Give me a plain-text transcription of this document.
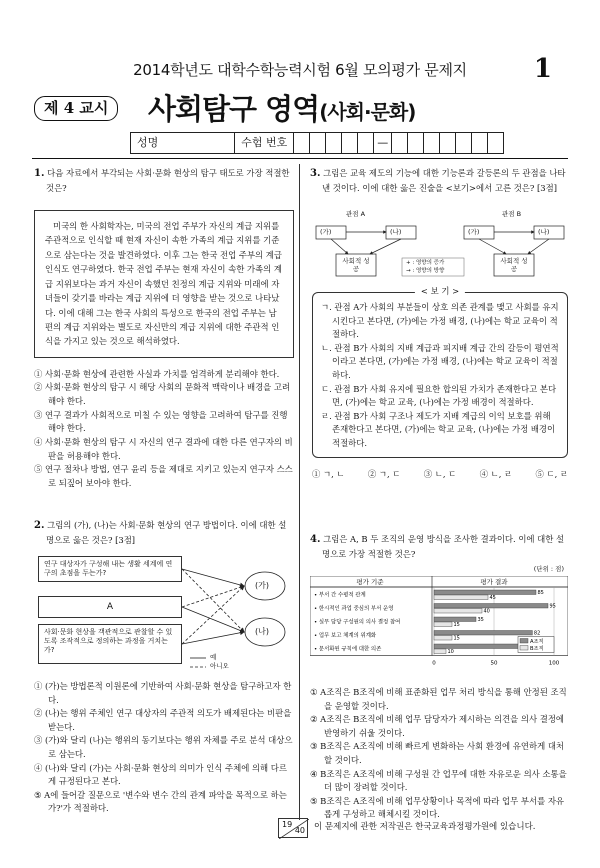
2014학년도 대학수학능력시험 6월 모의평가 문제지	1
제 4 교시	사회탐구 영역(사회·문화)
성명	수험 번호	—
1. 다음 자료에서 부각되는 사회·문화 현상의 탐구 태도로 가장 적절한 것은?
미국의 한 사회학자는, 미국의 전업 주부가 자신의 계급 지위를 주관적으로 인식할 때 현재 자신이 속한 가족의 계급 지위를 기준으로 삼는다는 것을 발견하였다. 이후 그는 한국 전업 주부의 계급 인식도 연구하였다. 한국 전업 주부는 현재 자신이 속한 가족의 계급 지위보다는 과거 자신이 속했던 친정의 계급 지위와 미래에 자녀들이 갖기를 바라는 계급 지위에 더 영향을 받는 것으로 나타났다. 이에 대해 그는 한국 사회의 특성으로 한국의 전업 주부는 남편의 계급 지위와는 별도로 자신만의 계급 지위에 대한 주관적 인식을 가지고 있는 것으로 해석하였다.
① 사회·문화 현상에 관련한 사실과 가치를 엄격하게 분리해야 한다.
② 사회·문화 현상의 탐구 시 해당 사회의 문화적 맥락이나 배경을 고려해야 한다.
③ 연구 결과가 사회적으로 미칠 수 있는 영향을 고려하여 탐구를 진행해야 한다.
④ 사회·문화 현상의 탐구 시 자신의 연구 결과에 대한 다른 연구자의 비판을 허용해야 한다.
⑤ 연구 절차나 방법, 연구 윤리 등을 제대로 지키고 있는지 연구자 스스로 되짚어 보아야 한다.
2. 그림의 (가), (나)는 사회·문화 현상의 연구 방법이다. 이에 대한 설명으로 옳은 것은? [3점]
연구 대상자가 구성해 내는 생활 세계에 연구의 초점을 두는가?
A
사회·문화 현상을 객관적으로 관찰할 수 있도록 조작적으로 정의하는 과정을 거치는가?
(가)
(나)
예
아니오
① (가)는 방법론적 이원론에 기반하여 사회·문화 현상을 탐구하고자 한다.
② (나)는 행위 주체인 연구 대상자의 주관적 의도가 배제된다는 비판을 받는다.
③ (가)와 달리 (나)는 행위의 동기보다는 행위 자체를 주로 분석 대상으로 삼는다.
④ (나)와 달리 (가)는 사회·문화 현상의 의미가 인식 주체에 의해 다르게 규정된다고 본다.
⑤ A에 들어갈 질문으로 '변수와 변수 간의 관계 파악을 목적으로 하는가?'가 적절하다.
3. 그림은 교육 제도의 기능에 대한 기능론과 갈등론의 두 관점을 나타낸 것이다. 이에 대한 옳은 진술을 <보기>에서 고른 것은? [3점]
관점 A	관점 B
(가)	(나)	(가)	(나)
사회적 성공
사회적 성공
+ : 영향의 증가
→ : 영향의 방향
< 보 기 >
ㄱ. 관점 A가 사회의 부분들이 상호 의존 관계를 맺고 사회를 유지시킨다고 본다면, (가)에는 가정 배경, (나)에는 학교 교육이 적절하다.
ㄴ. 관점 B가 사회의 지배 계급과 피지배 계급 간의 갈등이 평연적이라고 본다면, (가)에는 가정 배경, (나)에는 학교 교육이 적절하다.
ㄷ. 관점 B가 사회 유지에 필요한 합의된 가치가 존재한다고 본다면, (가)에는 학교 교육, (나)에는 가정 배경이 적절하다.
ㄹ. 관점 B가 사회 구조나 제도가 지배 계급의 이익 보호를 위해 존재한다고 본다면, (가)에는 학교 교육, (나)에는 가정 배경이 적절하다.
① ㄱ, ㄴ	② ㄱ, ㄷ	③ ㄴ, ㄷ	④ ㄴ, ㄹ	⑤ ㄷ, ㄹ
4. 그림은 A, B 두 조직의 운영 방식을 조사한 결과이다. 이에 대한 설명으로 가장 적절한 것은?
(단위 : 점)
평가 기준	평가 결과
• 부서 간 수평적 관계	85
45
• 한시적인 과업 중심의 부서 운영	95
40
• 실무 담당 구성원의 의사 결정 참여	35
15
• 업무 보고 체계의 위계화	82
15
• 문서화된 규칙에 대한 의존	10
0	50	100
A조직
B조직
① A조직은 B조직에 비해 표준화된 업무 처리 방식을 통해 안정된 조직을 운영할 것이다.
② A조직은 B조직에 비해 업무 담당자가 제시하는 의견을 의사 결정에 반영하기 쉬울 것이다.
③ B조직은 A조직에 비해 빠르게 변화하는 사회 환경에 유연하게 대처할 것이다.
④ B조직은 A조직에 비해 구성원 간 업무에 대한 자유로운 의사 소통을 더 많이 장려할 것이다.
⑤ B조직은 A조직에 비해 업무상황이나 목적에 따라 업무 부서를 자유롭게 구성하고 해체시킬 것이다.
19
40 이 문제지에 관한 저작권은 한국교육과정평가원에 있습니다.
